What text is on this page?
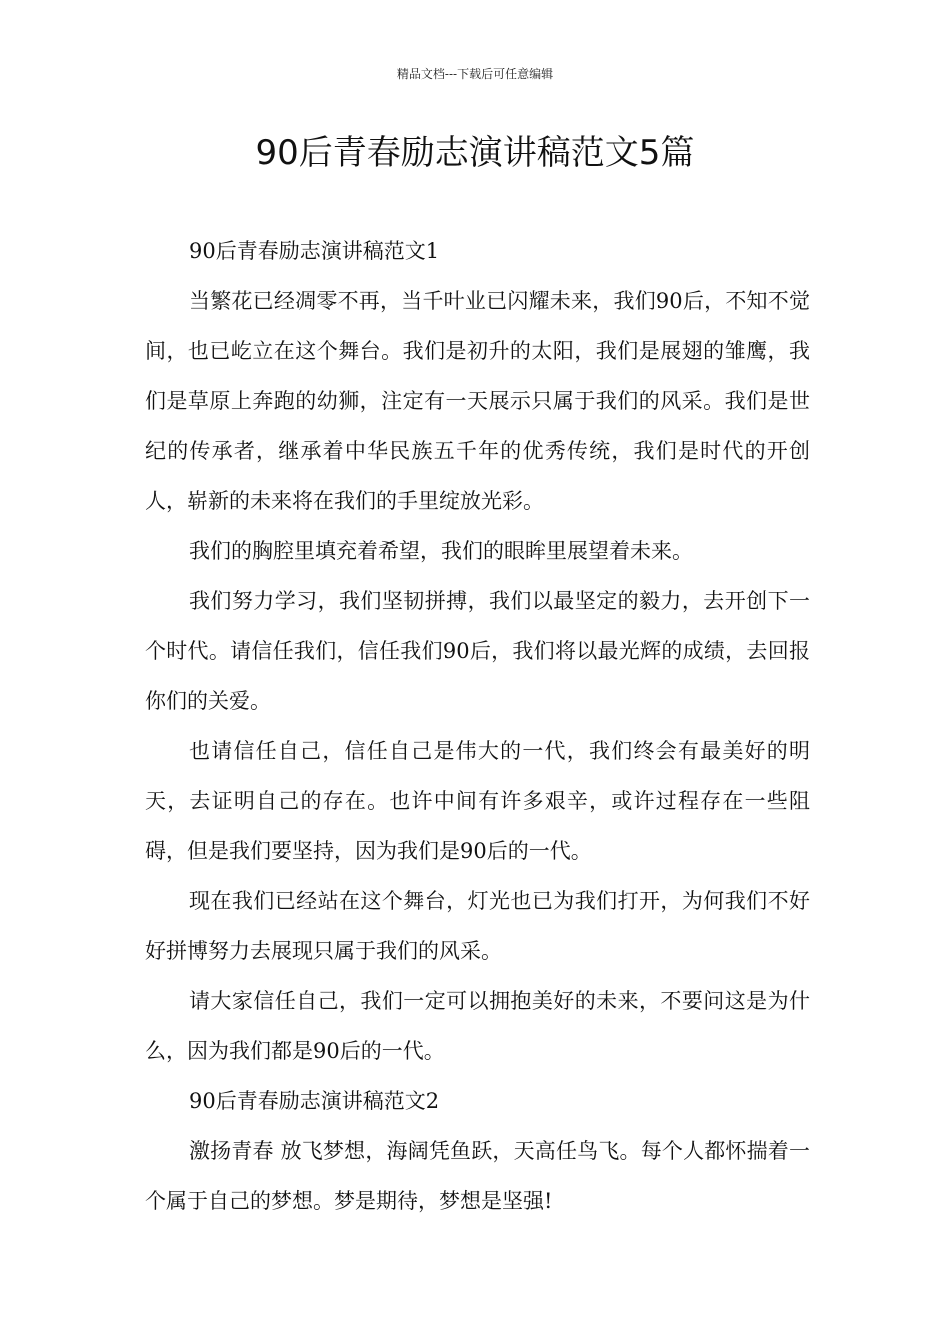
精品文档---下载后可任意编辑
90后青春励志演讲稿范文5篇

90后青春励志演讲稿范文1

当繁花已经凋零不再，当千叶业已闪耀未来，我们90后，不知不觉间，也已屹立在这个舞台。我们是初升的太阳，我们是展翅的雏鹰，我们是草原上奔跑的幼狮，注定有一天展示只属于我们的风采。我们是世纪的传承者，继承着中华民族五千年的优秀传统，我们是时代的开创人，崭新的未来将在我们的手里绽放光彩。

我们的胸腔里填充着希望，我们的眼眸里展望着未来。

我们努力学习，我们坚韧拼搏，我们以最坚定的毅力，去开创下一个时代。请信任我们，信任我们90后，我们将以最光辉的成绩，去回报你们的关爱。

也请信任自己，信任自己是伟大的一代，我们终会有最美好的明天，去证明自己的存在。也许中间有许多艰辛，或许过程存在一些阻碍，但是我们要坚持，因为我们是90后的一代。

现在我们已经站在这个舞台，灯光也已为我们打开，为何我们不好好拼博努力去展现只属于我们的风采。

请大家信任自己，我们一定可以拥抱美好的未来，不要问这是为什么，因为我们都是90后的一代。

90后青春励志演讲稿范文2

激扬青春 放飞梦想，海阔凭鱼跃，天高任鸟飞。每个人都怀揣着一个属于自己的梦想。梦是期待，梦想是坚强!
